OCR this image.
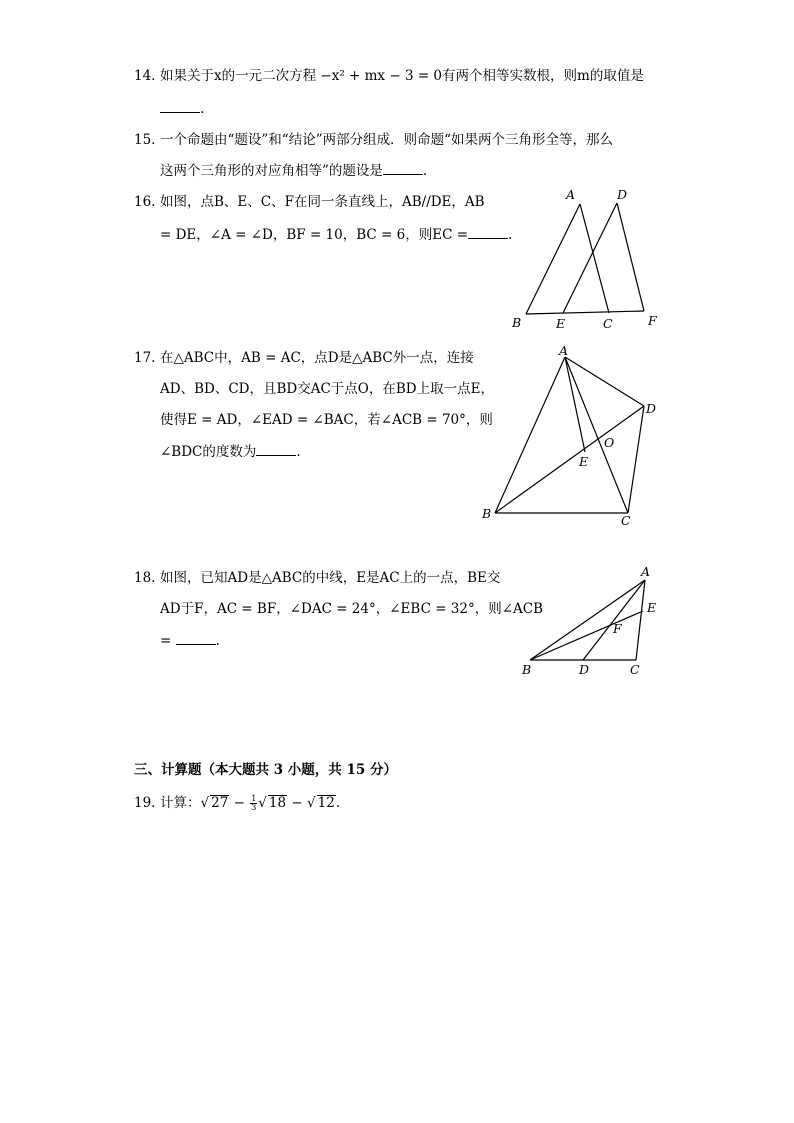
14. 如果关于x的一元二次方程 −x² + mx − 3 = 0有两个相等实数根，则m的取值是
.
15. 一个命题由“题设”和“结论”两部分组成．则命题“如果两个三角形全等，那么
这两个三角形的对应角相等”的题设是	.
16. 如图，点B、E、C、F在同一条直线上，AB//DE，AB
= DE，∠A = ∠D，BF = 10，BC = 6，则EC =	.
A	D
B	E	C	F
17. 在△ABC中，AB = AC，点D是△ABC外一点，连接
AD、BD、CD，且BD交AC于点O，在BD上取一点E，
使得E = AD，∠EAD = ∠BAC，若∠ACB = 70°，则
∠BDC的度数为	.
A
D
O
E
B	C
18. 如图，已知AD是△ABC的中线，E是AC上的一点，BE交
AD于F，AC = BF，∠DAC = 24°，∠EBC = 32°，则∠ACB
=	.
A
E
F
B	D	C
三、计算题（本大题共 3 小题，共 15 分）
19. 计算：√ $27 - \frac{1}{3}$ √ 18 − √ 12.
